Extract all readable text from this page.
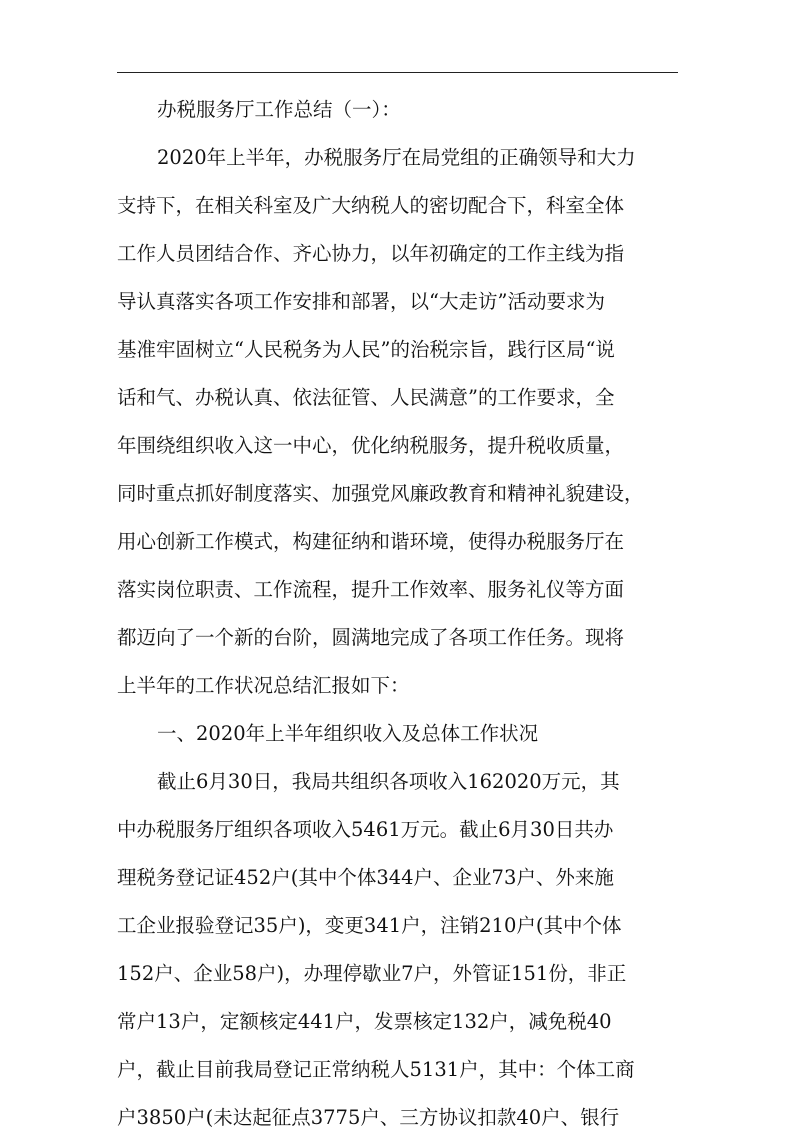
办税服务厅工作总结（一）：
2020年上半年，办税服务厅在局党组的正确领导和大力
支持下，在相关科室及广大纳税人的密切配合下，科室全体
工作人员团结合作、齐心协力，以年初确定的工作主线为指
导认真落实各项工作安排和部署，以“大走访”活动要求为
基准牢固树立“人民税务为人民”的治税宗旨，践行区局“说
话和气、办税认真、依法征管、人民满意”的工作要求，全
年围绕组织收入这一中心，优化纳税服务，提升税收质量，
同时重点抓好制度落实、加强党风廉政教育和精神礼貌建设，
用心创新工作模式，构建征纳和谐环境，使得办税服务厅在
落实岗位职责、工作流程，提升工作效率、服务礼仪等方面
都迈向了一个新的台阶，圆满地完成了各项工作任务。现将
上半年的工作状况总结汇报如下：
一、2020年上半年组织收入及总体工作状况
截止6月30日，我局共组织各项收入162020万元，其
中办税服务厅组织各项收入5461万元。截止6月30日共办
理税务登记证452户(其中个体344户、企业73户、外来施
工企业报验登记35户)，变更341户，注销210户(其中个体
152户、企业58户)，办理停歇业7户，外管证151份，非正
常户13户，定额核定441户，发票核定132户，减免税40
户，截止目前我局登记正常纳税人5131户，其中：个体工商
户3850户(未达起征点3775户、三方协议扣款40户、银行
